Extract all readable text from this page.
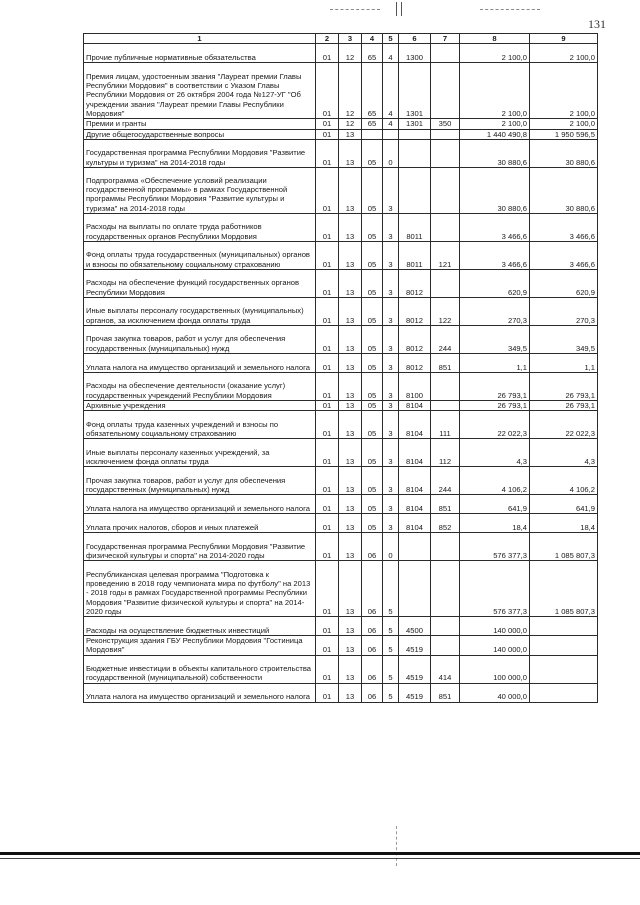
131
1	2	3	4	5	6	7	8	9
Прочие публичные нормативные обязательства	01	12	65	4	1300		2 100,0	2 100,0
Премия лицам, удостоенным звания "Лауреат премии Главы Республики Мордовия" в соответствии с Указом Главы Республики Мордовия от 26 октября 2004 года №127-УГ "Об учреждении звания "Лауреат премии Главы Республики Мордовия"	01	12	65	4	1301		2 100,0	2 100,0
Премии и гранты	01	12	65	4	1301	350	2 100,0	2 100,0
Другие общегосударственные вопросы	01	13					1 440 490,8	1 950 596,5
Государственная программа Республики Мордовия "Развитие культуры и туризма" на 2014-2018 годы	01	13	05	0			30 880,6	30 880,6
Подпрограмма «Обеспечение условий реализации государственной программы» в рамках Государственной программы Республики Мордовия "Развитие культуры и туризма" на 2014-2018 годы	01	13	05	3			30 880,6	30 880,6
Расходы на выплаты по оплате труда работников государственных органов Республики Мордовия	01	13	05	3	8011		3 466,6	3 466,6
Фонд оплаты труда государственных (муниципальных) органов и взносы по обязательному социальному страхованию	01	13	05	3	8011	121	3 466,6	3 466,6
Расходы на обеспечение функций государственных органов Республики Мордовия	01	13	05	3	8012		620,9	620,9
Иные выплаты персоналу государственных (муниципальных) органов, за исключением фонда оплаты труда	01	13	05	3	8012	122	270,3	270,3
Прочая закупка товаров, работ и услуг для обеспечения государственных (муниципальных) нужд	01	13	05	3	8012	244	349,5	349,5
Уплата налога на имущество организаций и земельного налога	01	13	05	3	8012	851	1,1	1,1
Расходы на обеспечение деятельности (оказание услуг) государственных учреждений Республики Мордовия	01	13	05	3	8100		26 793,1	26 793,1
Архивные учреждения	01	13	05	3	8104		26 793,1	26 793,1
Фонд оплаты труда казенных учреждений и взносы по обязательному социальному страхованию	01	13	05	3	8104	111	22 022,3	22 022,3
Иные выплаты персоналу казенных учреждений, за исключением фонда оплаты труда	01	13	05	3	8104	112	4,3	4,3
Прочая закупка товаров, работ и услуг для обеспечения государственных (муниципальных) нужд	01	13	05	3	8104	244	4 106,2	4 106,2
Уплата налога на имущество организаций и земельного налога	01	13	05	3	8104	851	641,9	641,9
Уплата прочих налогов, сборов и иных платежей	01	13	05	3	8104	852	18,4	18,4
Государственная программа Республики Мордовия "Развитие физической культуры и спорта" на 2014-2020 годы	01	13	06	0			576 377,3	1 085 807,3
Республиканская целевая программа "Подготовка к проведению в 2018 году чемпионата мира по футболу" на 2013 - 2018 годы в рамках Государственной программы Республики Мордовия "Развитие физической культуры и спорта" на 2014-2020 годы	01	13	06	5			576 377,3	1 085 807,3
Расходы на осуществление бюджетных инвестиций	01	13	06	5	4500		140 000,0	
Реконструкция здания ГБУ Республики Мордовия "Гостиница Мордовия"	01	13	06	5	4519		140 000,0	
Бюджетные инвестиции в объекты капитального строительства государственной (муниципальной) собственности	01	13	06	5	4519	414	100 000,0	
Уплата налога на имущество организаций и земельного налога	01	13	06	5	4519	851	40 000,0	
